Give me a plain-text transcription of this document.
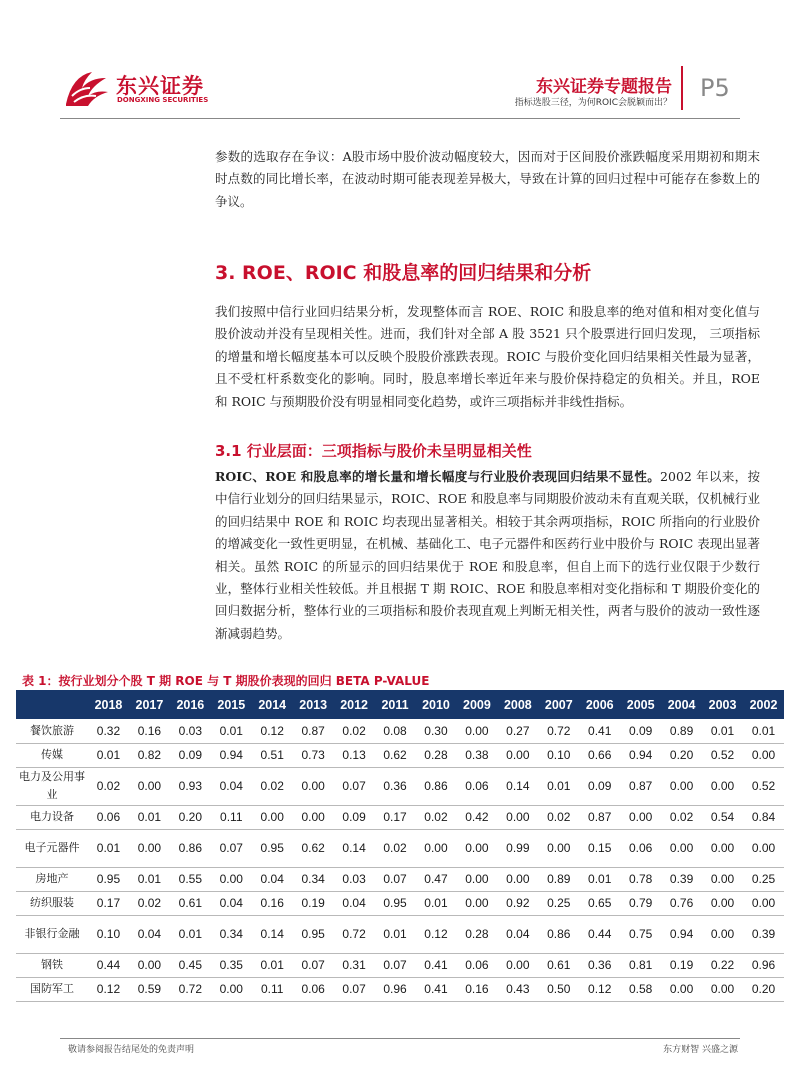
东兴证券
DONGXING SECURITIES
东兴证券专题报告
指标选股三径，为何ROIC会脱颖而出？
P5
参数的选取存在争议：A股市场中股价波动幅度较大，因而对于区间股价涨跌幅度采用期初和期末时点数的同比增长率，在波动时期可能表现差异极大，导致在计算的回归过程中可能存在参数上的争议。
3. ROE、ROIC 和股息率的回归结果和分析
我们按照中信行业回归结果分析，发现整体而言 ROE、ROIC 和股息率的绝对值和相对变化值与股价波动并没有呈现相关性。进而，我们针对全部 A 股 3521 只个股票进行回归发现， 三项指标的增量和增长幅度基本可以反映个股股价涨跌表现。ROIC 与股价变化回归结果相关性最为显著，且不受杠杆系数变化的影响。同时，股息率增长率近年来与股价保持稳定的负相关。并且，ROE 和 ROIC 与预期股价没有明显相同变化趋势，或许三项指标并非线性指标。
3.1 行业层面：三项指标与股价未呈明显相关性
ROIC、ROE 和股息率的增长量和增长幅度与行业股价表现回归结果不显性。2002 年以来，按中信行业划分的回归结果显示，ROIC、ROE 和股息率与同期股价波动未有直观关联，仅机械行业的回归结果中 ROE 和 ROIC 均表现出显著相关。相较于其余两项指标，ROIC 所指向的行业股价的增减变化一致性更明显，在机械、基础化工、电子元器件和医药行业中股价与 ROIC 表现出显著相关。虽然 ROIC 的所显示的回归结果优于 ROE 和股息率，但自上而下的选行业仅限于少数行业，整体行业相关性较低。并且根据 T 期 ROIC、ROE 和股息率相对变化指标和 T 期股价变化的回归数据分析，整体行业的三项指标和股价表现直观上判断无相关性，两者与股价的波动一致性逐渐减弱趋势。
表 1：按行业划分个股 T 期 ROE 与 T 期股价表现的回归 BETA P-VALUE
	2018	2017	2016	2015	2014	2013	2012	2011	2010	2009	2008	2007	2006	2005	2004	2003	2002
餐饮旅游	0.32	0.16	0.03	0.01	0.12	0.87	0.02	0.08	0.30	0.00	0.27	0.72	0.41	0.09	0.89	0.01	0.01
传媒	0.01	0.82	0.09	0.94	0.51	0.73	0.13	0.62	0.28	0.38	0.00	0.10	0.66	0.94	0.20	0.52	0.00
电力及公用事业	0.02	0.00	0.93	0.04	0.02	0.00	0.07	0.36	0.86	0.06	0.14	0.01	0.09	0.87	0.00	0.00	0.52
电力设备	0.06	0.01	0.20	0.11	0.00	0.00	0.09	0.17	0.02	0.42	0.00	0.02	0.87	0.00	0.02	0.54	0.84
电子元器件	0.01	0.00	0.86	0.07	0.95	0.62	0.14	0.02	0.00	0.00	0.99	0.00	0.15	0.06	0.00	0.00	0.00
房地产	0.95	0.01	0.55	0.00	0.04	0.34	0.03	0.07	0.47	0.00	0.00	0.89	0.01	0.78	0.39	0.00	0.25
纺织服装	0.17	0.02	0.61	0.04	0.16	0.19	0.04	0.95	0.01	0.00	0.92	0.25	0.65	0.79	0.76	0.00	0.00
非银行金融	0.10	0.04	0.01	0.34	0.14	0.95	0.72	0.01	0.12	0.28	0.04	0.86	0.44	0.75	0.94	0.00	0.39
钢铁	0.44	0.00	0.45	0.35	0.01	0.07	0.31	0.07	0.41	0.06	0.00	0.61	0.36	0.81	0.19	0.22	0.96
国防军工	0.12	0.59	0.72	0.00	0.11	0.06	0.07	0.96	0.41	0.16	0.43	0.50	0.12	0.58	0.00	0.00	0.20
敬请参阅报告结尾处的免责声明	东方财智 兴盛之源
